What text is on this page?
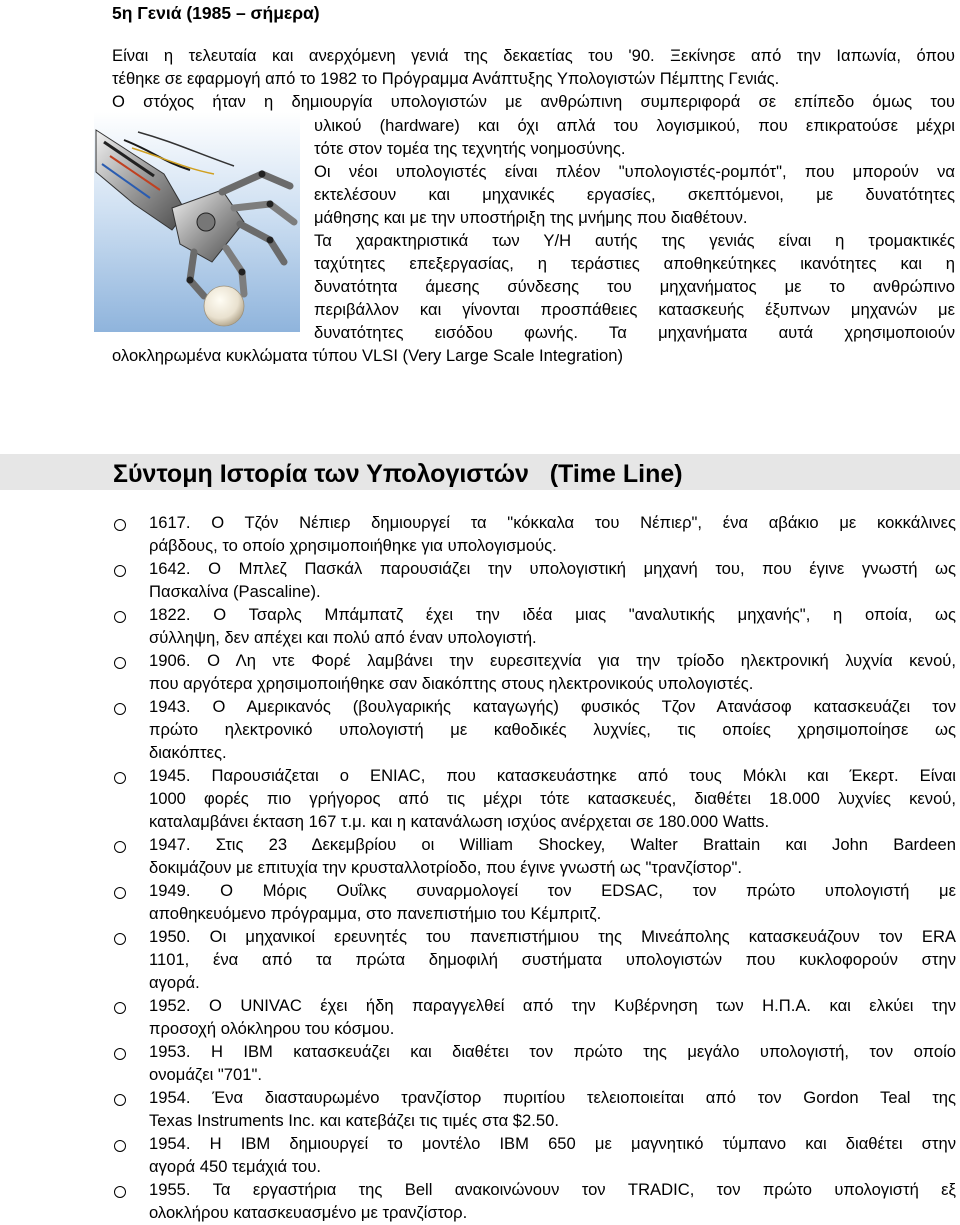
5η Γενιά (1985 – σήμερα)
Είναι η τελευταία και ανερχόμενη γενιά της δεκαετίας του '90. Ξεκίνησε από την Ιαπωνία, όπου
τέθηκε σε εφαρμογή από το 1982 το Πρόγραμμα Ανάπτυξης Υπολογιστών Πέμπτης Γενιάς.
Ο στόχος ήταν η δημιουργία υπολογιστών με ανθρώπινη συμπεριφορά σε επίπεδο όμως του
υλικού (hardware) και όχι απλά του λογισμικού, που επικρατούσε μέχρι
τότε στον τομέα της τεχνητής νοημοσύνης.
Οι νέοι υπολογιστές είναι πλέον "υπολογιστές-ρομπότ", που μπορούν να
εκτελέσουν και μηχανικές εργασίες, σκεπτόμενοι, με δυνατότητες
μάθησης και με την υποστήριξη της μνήμης που διαθέτουν.
Τα χαρακτηριστικά των Υ/Η αυτής της γενιάς είναι η τρομακτικές
ταχύτητες επεξεργασίας, η τεράστιες αποθηκεύτηκες ικανότητες και η
δυνατότητα άμεσης σύνδεσης του μηχανήματος με το ανθρώπινο
περιβάλλον και γίνονται προσπάθειες κατασκευής έξυπνων μηχανών με
δυνατότητες εισόδου φωνής. Τα μηχανήματα αυτά χρησιμοποιούν
ολοκληρωμένα κυκλώματα τύπου VLSI (Very Large Scale Integration)
Σύντομη Ιστορία των Υπολογιστών   (Time Line)
1617. Ο Τζόν Νέπιερ δημιουργεί τα "κόκκαλα του Νέπιερ", ένα αβάκιο με κοκκάλινες
ράβδους, το οποίο χρησιμοποιήθηκε για υπολογισμούς.
1642. Ο Μπλεζ Πασκάλ παρουσιάζει την υπολογιστική μηχανή του, που έγινε γνωστή ως
Πασκαλίνα (Pascaline).
1822. Ο Τσαρλς Μπάμπατζ έχει την ιδέα μιας "αναλυτικής μηχανής", η οποία, ως
σύλληψη, δεν απέχει και πολύ από έναν υπολογιστή.
1906. Ο Λη ντε Φορέ λαμβάνει την ευρεσιτεχνία για την τρίοδο ηλεκτρονική λυχνία κενού,
που αργότερα χρησιμοποιήθηκε σαν διακόπτης στους ηλεκτρονικούς υπολογιστές.
1943. Ο Αμερικανός (βουλγαρικής καταγωγής) φυσικός Τζον Ατανάσοφ κατασκευάζει τον
πρώτο ηλεκτρονικό υπολογιστή με καθοδικές λυχνίες, τις οποίες χρησιμοποίησε ως
διακόπτες.
1945. Παρουσιάζεται ο ENIAC, που κατασκευάστηκε από τους Μόκλι και Έκερτ. Είναι
1000 φορές πιο γρήγορος από τις μέχρι τότε κατασκευές, διαθέτει 18.000 λυχνίες κενού,
καταλαμβάνει έκταση 167 τ.μ. και η κατανάλωση ισχύος ανέρχεται σε 180.000 Watts.
1947. Στις 23 Δεκεμβρίου οι William Shockey, Walter Brattain και John Bardeen
δοκιμάζουν με επιτυχία την κρυσταλλοτρίοδο, που έγινε γνωστή ως "τρανζίστορ".
1949. Ο Μόρις Ουΐλκς συναρμολογεί τον EDSAC, τον πρώτο υπολογιστή με
αποθηκευόμενο πρόγραμμα, στο πανεπιστήμιο του Κέμπριτζ.
1950. Οι μηχανικοί ερευνητές του πανεπιστήμιου της Μινεάπολης κατασκευάζουν τον ERA
1101, ένα από τα πρώτα δημοφιλή συστήματα υπολογιστών που κυκλοφορούν στην
αγορά.
1952. Ο UNIVAC έχει ήδη παραγγελθεί από την Κυβέρνηση των Η.Π.Α. και ελκύει την
προσοχή ολόκληρου του κόσμου.
1953. Η IBM κατασκευάζει και διαθέτει τον πρώτο της μεγάλο υπολογιστή, τον οποίο
ονομάζει "701".
1954. Ένα διασταυρωμένο τρανζίστορ πυριτίου τελειοποιείται από τον Gordon Teal της
Texas Instruments Inc. και κατεβάζει τις τιμές στα $2.50.
1954. Η IBM δημιουργεί το μοντέλο IBM 650 με μαγνητικό τύμπανο και διαθέτει στην
αγορά 450 τεμάχιά του.
1955. Τα εργαστήρια της Bell ανακοινώνουν τον TRADIC, τον πρώτο υπολογιστή εξ
ολοκλήρου κατασκευασμένο με τρανζίστορ.
